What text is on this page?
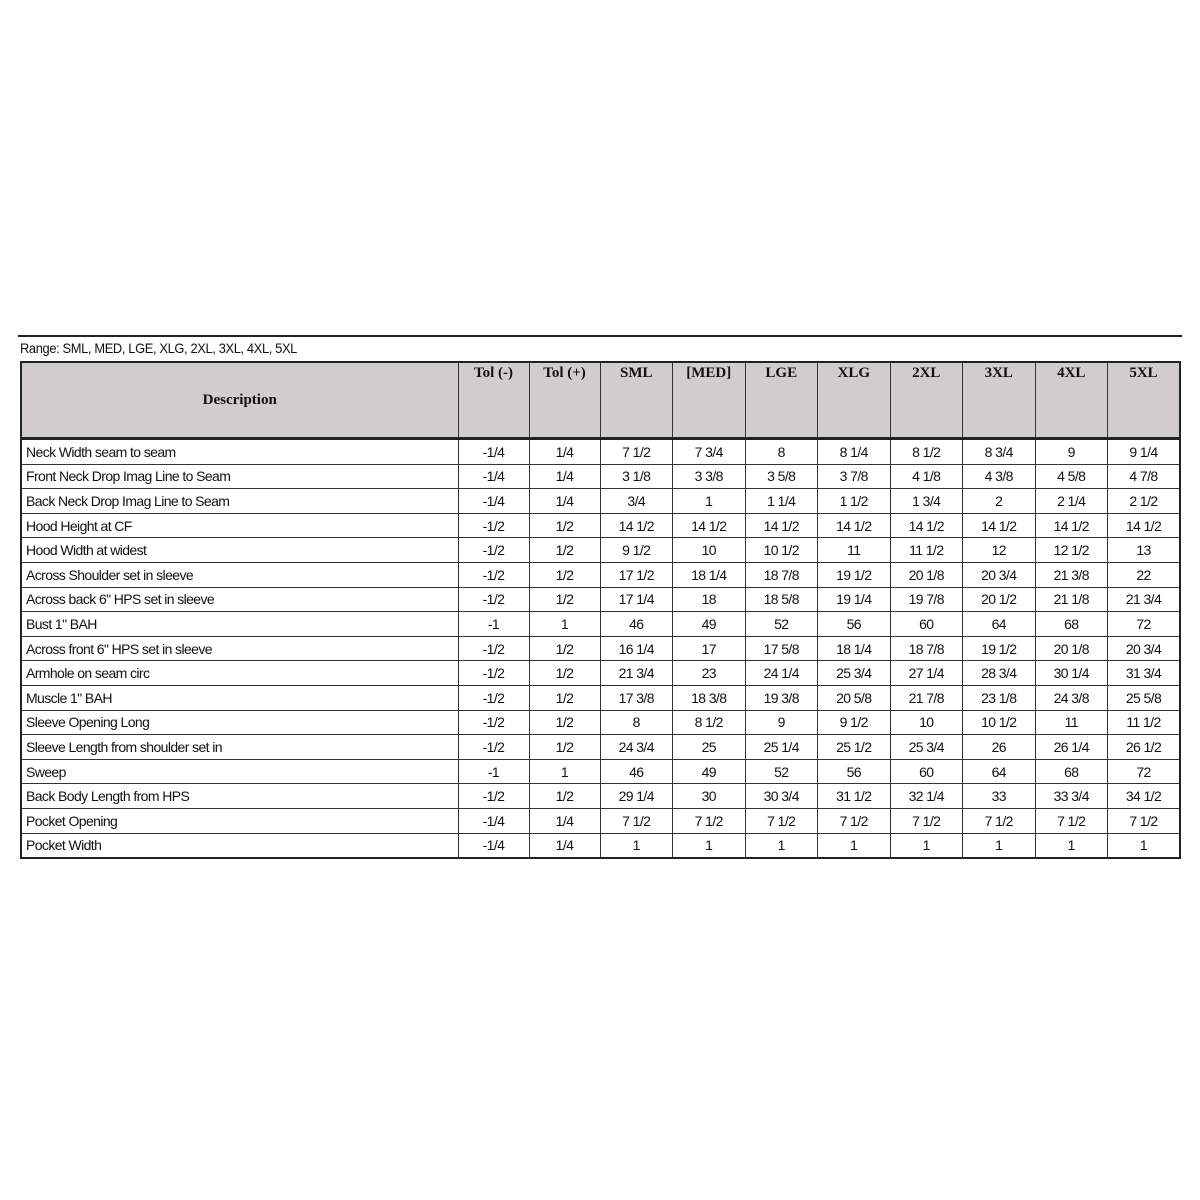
Range: SML, MED, LGE, XLG, 2XL, 3XL, 4XL, 5XL
Description	Tol (-)	Tol (+)	SML	[MED]	LGE	XLG	2XL	3XL	4XL	5XL
Neck Width seam to seam	-1/4	1/4	7 1/2	7 3/4	8	8 1/4	8 1/2	8 3/4	9	9 1/4
Front Neck Drop Imag Line to Seam	-1/4	1/4	3 1/8	3 3/8	3 5/8	3 7/8	4 1/8	4 3/8	4 5/8	4 7/8
Back Neck Drop Imag Line to Seam	-1/4	1/4	3/4	1	1 1/4	1 1/2	1 3/4	2	2 1/4	2 1/2
Hood Height at CF	-1/2	1/2	14 1/2	14 1/2	14 1/2	14 1/2	14 1/2	14 1/2	14 1/2	14 1/2
Hood Width at widest	-1/2	1/2	9 1/2	10	10 1/2	11	11 1/2	12	12 1/2	13
Across Shoulder set in sleeve	-1/2	1/2	17 1/2	18 1/4	18 7/8	19 1/2	20 1/8	20 3/4	21 3/8	22
Across back 6" HPS set in sleeve	-1/2	1/2	17 1/4	18	18 5/8	19 1/4	19 7/8	20 1/2	21 1/8	21 3/4
Bust 1" BAH	-1	1	46	49	52	56	60	64	68	72
Across front 6" HPS set in sleeve	-1/2	1/2	16 1/4	17	17 5/8	18 1/4	18 7/8	19 1/2	20 1/8	20 3/4
Armhole on seam circ	-1/2	1/2	21 3/4	23	24 1/4	25 3/4	27 1/4	28 3/4	30 1/4	31 3/4
Muscle 1" BAH	-1/2	1/2	17 3/8	18 3/8	19 3/8	20 5/8	21 7/8	23 1/8	24 3/8	25 5/8
Sleeve Opening Long	-1/2	1/2	8	8 1/2	9	9 1/2	10	10 1/2	11	11 1/2
Sleeve Length from shoulder set in	-1/2	1/2	24 3/4	25	25 1/4	25 1/2	25 3/4	26	26 1/4	26 1/2
Sweep	-1	1	46	49	52	56	60	64	68	72
Back Body Length from HPS	-1/2	1/2	29 1/4	30	30 3/4	31 1/2	32 1/4	33	33 3/4	34 1/2
Pocket Opening	-1/4	1/4	7 1/2	7 1/2	7 1/2	7 1/2	7 1/2	7 1/2	7 1/2	7 1/2
Pocket Width	-1/4	1/4	1	1	1	1	1	1	1	1
